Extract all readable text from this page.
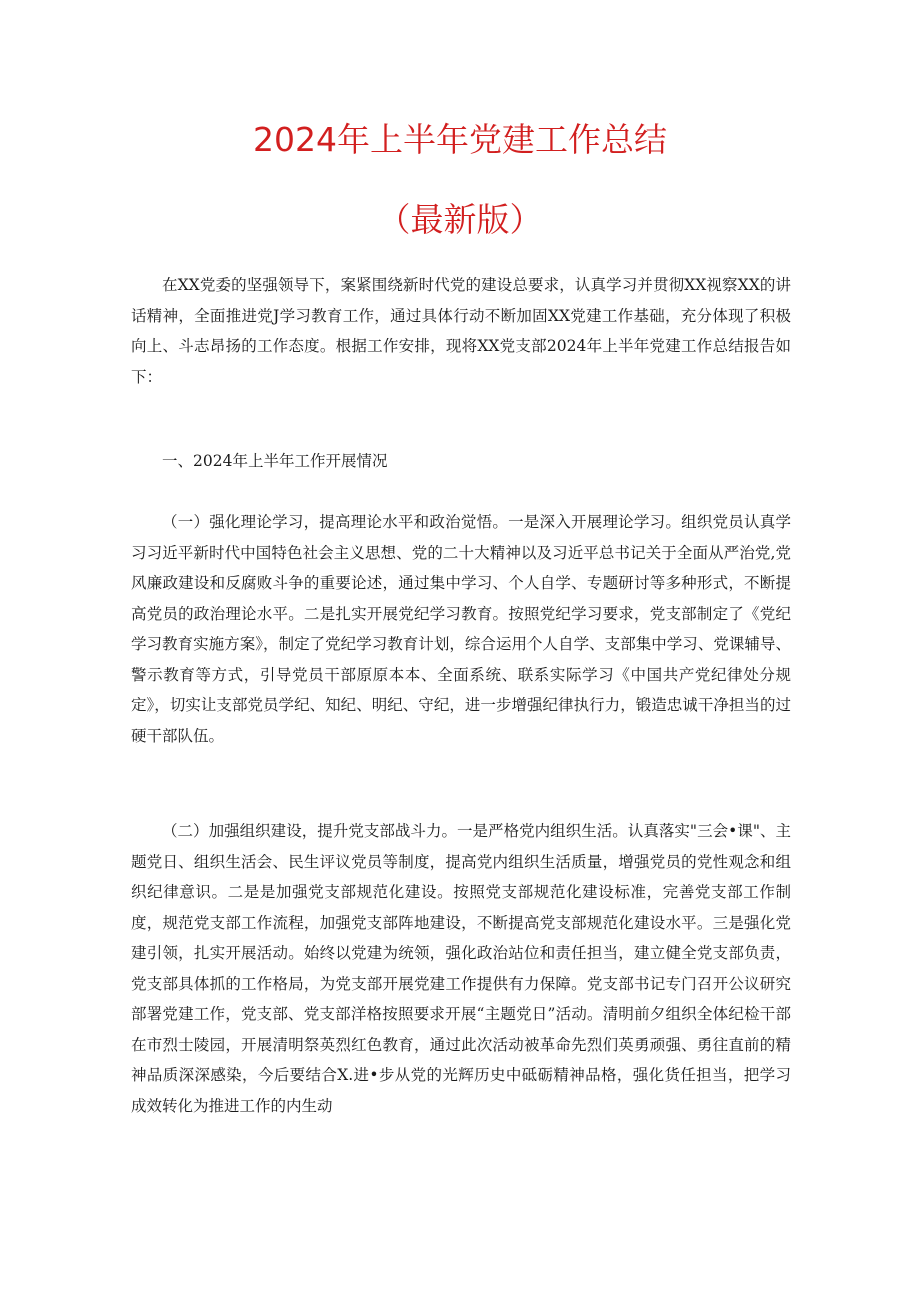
2024年上半年党建工作总结
（最新版）

在XX党委的坚强领导下，案紧围绕新时代党的建设总要求，认真学习并贯彻XX视察XX的讲话精神，全面推进党J学习教育工作，通过具体行动不断加固XX党建工作基础，充分体现了积极向上、斗志昂扬的工作态度。根据工作安排，现将XX党支部2024年上半年党建工作总结报告如下：

一、2024年上半年工作开展情况

（一）强化理论学习，提高理论水平和政治觉悟。一是深入开展理论学习。组织党员认真学习习近平新时代中国特色社会主义思想、党的二十大精神以及习近平总书记关于全面从严治党,党风廉政建设和反腐败斗争的重要论述，通过集中学习、个人自学、专题研讨等多种形式，不断提高党员的政治理论水平。二是扎实开展党纪学习教育。按照党纪学习要求，党支部制定了《党纪学习教育实施方案》，制定了党纪学习教育计划，综合运用个人自学、支部集中学习、党课辅导、警示教育等方式，引导党员干部原原本本、全面系统、联系实际学习《中国共产党纪律处分规定》，切实让支部党员学纪、知纪、明纪、守纪，进一步增强纪律执行力，锻造忠诚干净担当的过硬干部队伍。

（二）加强组织建设，提升党支部战斗力。一是严格党内组织生活。认真落实"三会•课"、主题党日、组织生活会、民生评议党员等制度，提高党内组织生活质量，增强党员的党性观念和组织纪律意识。二是是加强党支部规范化建设。按照党支部规范化建设标准，完善党支部工作制度，规范党支部工作流程，加强党支部阵地建设，不断提高党支部规范化建设水平。三是强化党建引领，扎实开展活动。始终以党建为统领，强化政治站位和责任担当，建立健全党支部负责，党支部具体抓的工作格局，为党支部开展党建工作提供有力保障。党支部书记专门召开公议研究部署党建工作，党支部、党支部洋格按照要求开展“主题党日”活动。清明前夕组织全体纪检干部在市烈士陵园，开展清明祭英烈红色教育，通过此次活动被革命先烈们英勇顽强、勇往直前的精神品质深深感染，今后要结合X.进•步从党的光辉历史中砥砺精神品格，强化货任担当，把学习成效转化为推进工作的内生动
